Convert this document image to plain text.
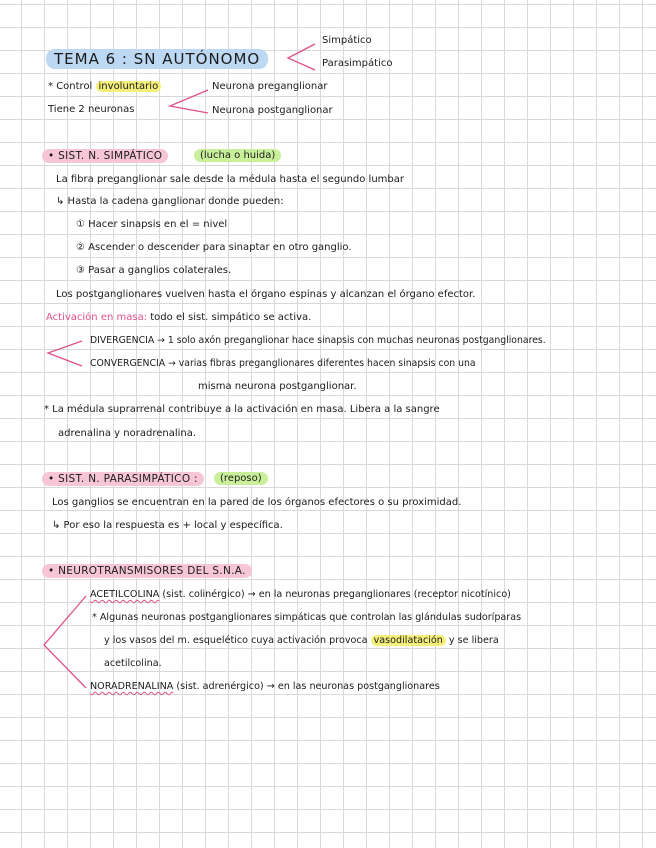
TEMA 6 : SN AUTÓNOMO
Simpático
Parasimpático
* Control involuntario
Tiene 2 neuronas
Neurona preganglionar
Neurona postganglionar
• SIST. N. SIMPÁTICO	(lucha o huida)
La fibra preganglionar sale desde la médula hasta el segundo lumbar
↳ Hasta la cadena ganglionar donde pueden:
① Hacer sinapsis en el = nivel
② Ascender o descender para sinaptar en otro ganglio.
③ Pasar a ganglios colaterales.
Los postganglionares vuelven hasta el órgano espinas y alcanzan el órgano efector.
Activación en masa: todo el sist. simpático se activa.
DIVERGENCIA → 1 solo axón preganglionar hace sinapsis con muchas neuronas postganglionares.
CONVERGENCIA → varias fibras preganglionares diferentes hacen sinapsis con una
misma neurona postganglionar.
* La médula suprarrenal contribuye a la activación en masa. Libera a la sangre
adrenalina y noradrenalina.
• SIST. N. PARASIMPÁTICO :	(reposo)
Los ganglios se encuentran en la pared de los órganos efectores o su proximidad.
↳ Por eso la respuesta es + local y específica.
• NEUROTRANSMISORES DEL S.N.A.
ACETILCOLINA (sist. colinérgico) → en la neuronas preganglionares (receptor nicotínico)
* Algunas neuronas postganglionares simpáticas que controlan las glándulas sudoríparas
y los vasos del m. esquelético cuya activación provoca vasodilatación y se libera
acetilcolina.
NORADRENALINA (sist. adrenérgico) → en las neuronas postganglionares
